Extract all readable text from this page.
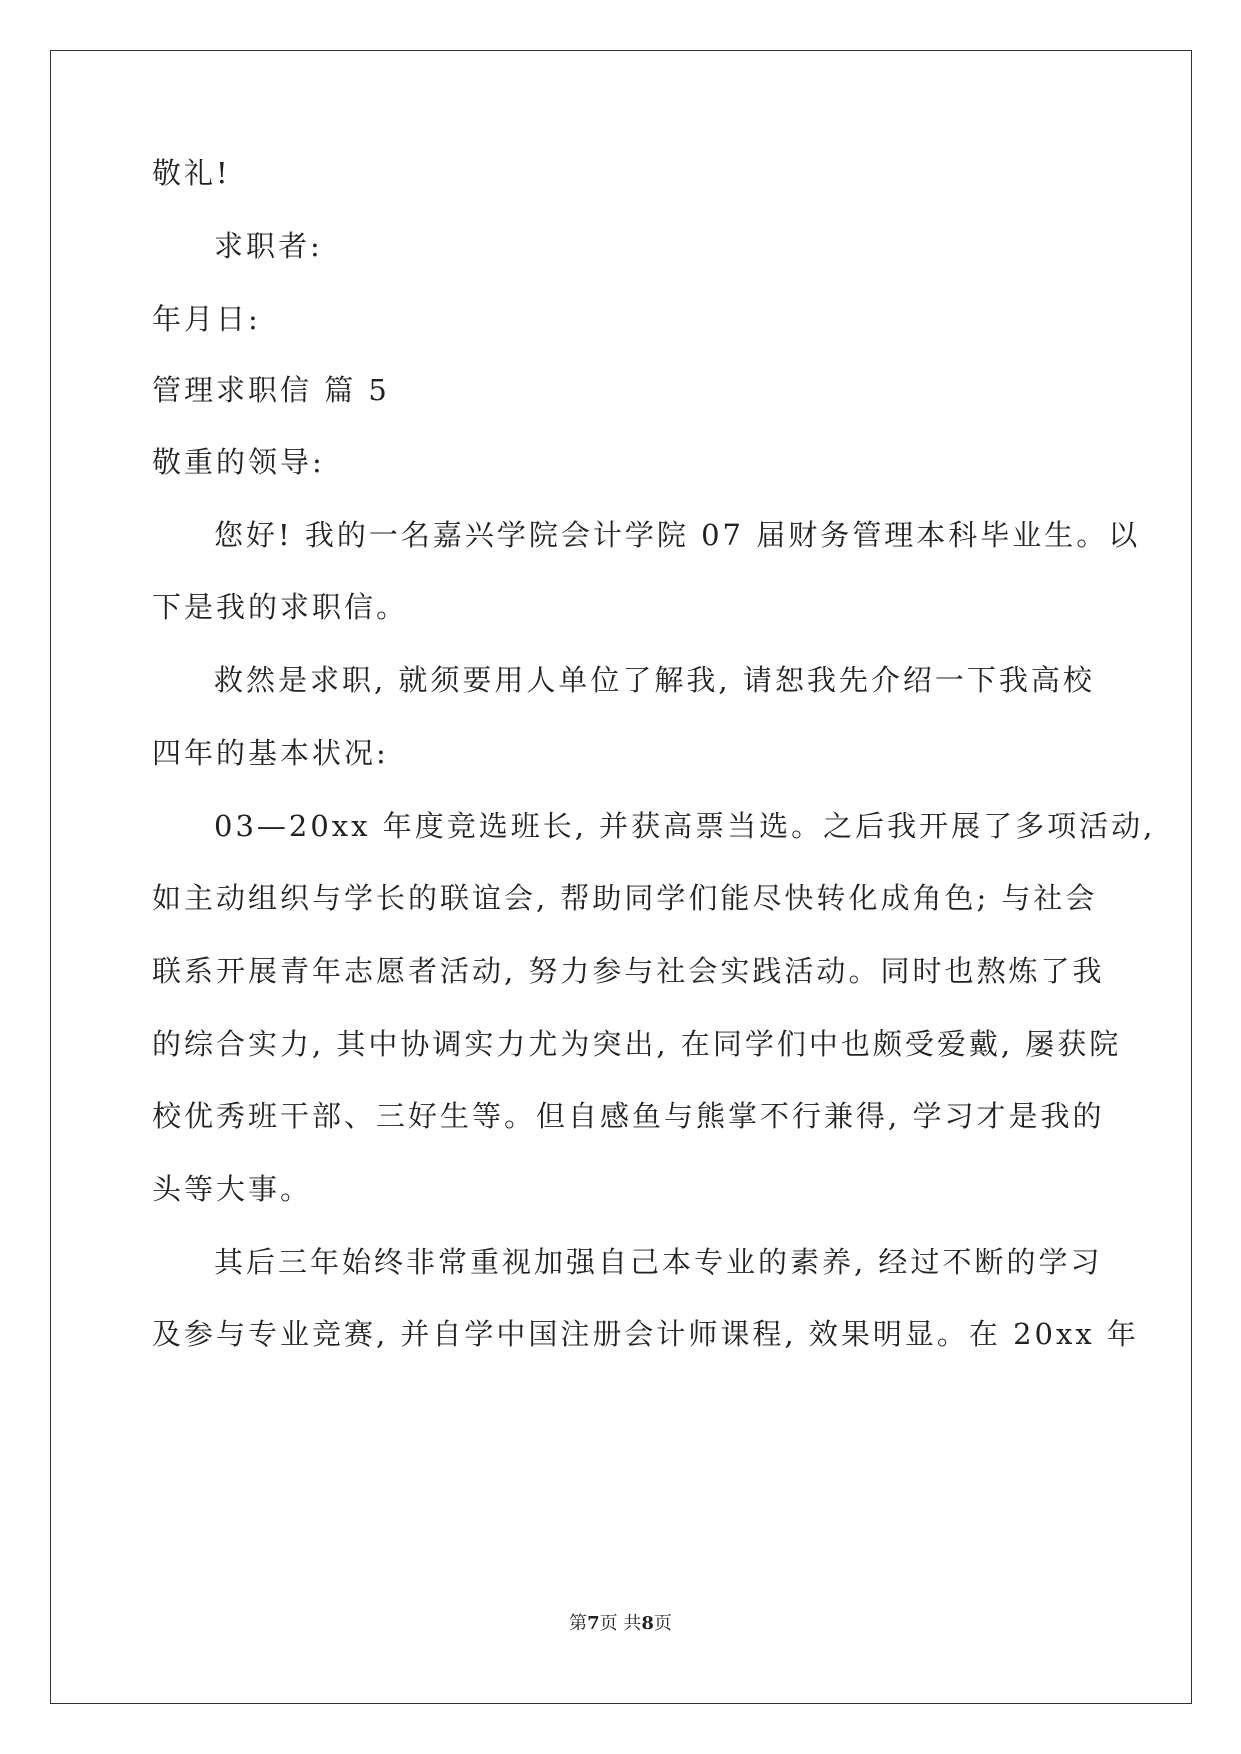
敬礼!
求职者:
年月日:
管理求职信 篇 5
敬重的领导:
您好! 我的一名嘉兴学院会计学院 07 届财务管理本科毕业生。以
下是我的求职信。
救然是求职, 就须要用人单位了解我, 请恕我先介绍一下我高校
四年的基本状况:
03—20xx 年度竞选班长, 并获高票当选。之后我开展了多项活动,
如主动组织与学长的联谊会, 帮助同学们能尽快转化成角色; 与社会
联系开展青年志愿者活动, 努力参与社会实践活动。同时也熬炼了我
的综合实力, 其中协调实力尤为突出, 在同学们中也颇受爱戴, 屡获院
校优秀班干部、三好生等。但自感鱼与熊掌不行兼得, 学习才是我的
头等大事。
其后三年始终非常重视加强自己本专业的素养, 经过不断的学习
及参与专业竞赛, 并自学中国注册会计师课程, 效果明显。在 20xx 年
第7页 共8页
